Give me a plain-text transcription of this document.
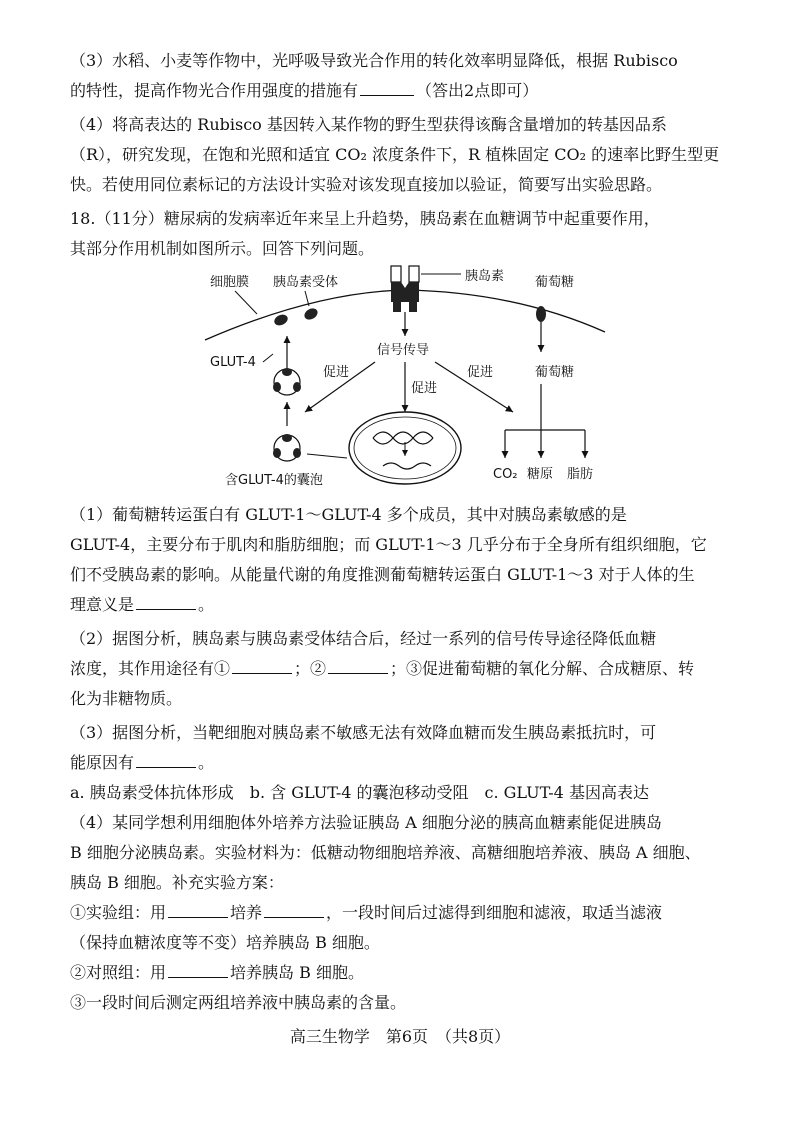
（3）水稻、小麦等作物中，光呼吸导致光合作用的转化效率明显降低，根据 Rubisco

的特性，提高作物光合作用强度的措施有	（答出2点即可）

（4）将高表达的 Rubisco 基因转入某作物的野生型获得该酶含量增加的转基因品系

（R），研究发现，在饱和光照和适宜 CO₂ 浓度条件下，R 植株固定 CO₂ 的速率比野生型更

快。若使用同位素标记的方法设计实验对该发现直接加以验证，简要写出实验思路。

18.（11分）糖尿病的发病率近年来呈上升趋势，胰岛素在血糖调节中起重要作用，

其部分作用机制如图所示。回答下列问题。

细胞膜 胰岛素受体	胰岛素 葡萄糖
GLUT-4
含GLUT-4的囊泡
信号传导
促进
促进
促进	葡萄糖
CO₂ 糖原 脂肪

（1）葡萄糖转运蛋白有 GLUT-1～GLUT-4 多个成员，其中对胰岛素敏感的是

GLUT-4，主要分布于肌肉和脂肪细胞；而 GLUT-1～3 几乎分布于全身所有组织细胞，它

们不受胰岛素的影响。从能量代谢的角度推测葡萄糖转运蛋白 GLUT-1～3 对于人体的生

理意义是	。

（2）据图分析，胰岛素与胰岛素受体结合后，经过一系列的信号传导途径降低血糖

浓度，其作用途径有①	；②	；③促进葡萄糖的氧化分解、合成糖原、转

化为非糖物质。

（3）据图分析，当靶细胞对胰岛素不敏感无法有效降血糖而发生胰岛素抵抗时，可

能原因有	。

a. 胰岛素受体抗体形成　b. 含 GLUT-4 的囊泡移动受阻　c. GLUT-4 基因高表达

（4）某同学想利用细胞体外培养方法验证胰岛 A 细胞分泌的胰高血糖素能促进胰岛

B 细胞分泌胰岛素。实验材料为：低糖动物细胞培养液、高糖细胞培养液、胰岛 A 细胞、

胰岛 B 细胞。补充实验方案：

①实验组：用	培养	，一段时间后过滤得到细胞和滤液，取适当滤液

（保持血糖浓度等不变）培养胰岛 B 细胞。

②对照组：用	培养胰岛 B 细胞。

③一段时间后测定两组培养液中胰岛素的含量。

高三生物学　第6页　（共8页）
